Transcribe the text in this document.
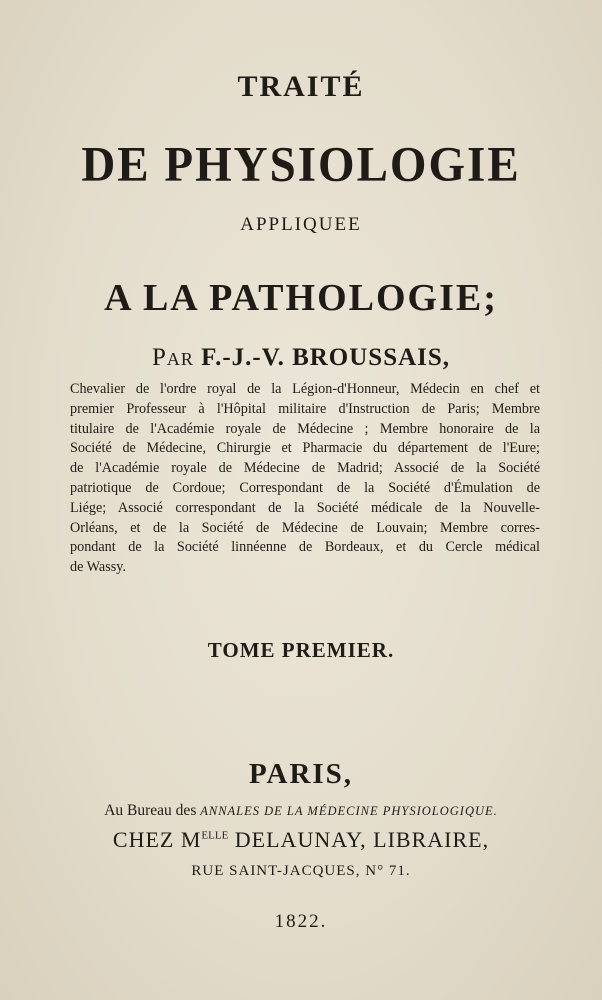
TRAITÉ
DE PHYSIOLOGIE
APPLIQUEE
A LA PATHOLOGIE;
Par F.-J.-V. BROUSSAIS,
Chevalier de l'ordre royal de la Légion-d'Honneur, Médecin en chef et
premier Professeur à l'Hôpital militaire d'Instruction de Paris; Membre
titulaire de l'Académie royale de Médecine ; Membre honoraire de la
Société de Médecine, Chirurgie et Pharmacie du département de l'Eure;
de l'Académie royale de Médecine de Madrid; Associé de la Société
patriotique de Cordoue; Correspondant de la Société d'Émulation de
Liége; Associé correspondant de la Société médicale de la Nouvelle-
Orléans, et de la Société de Médecine de Louvain; Membre corres-
pondant de la Société linnéenne de Bordeaux, et du Cercle médical
de Wassy.
TOME PREMIER.
PARIS,
Au Bureau des ANNALES DE LA MÉDECINE PHYSIOLOGIQUE.
CHEZ $M^{ELLE}$ DELAUNAY, LIBRAIRE,
RUE SAINT-JACQUES, N° 71.
1822.
